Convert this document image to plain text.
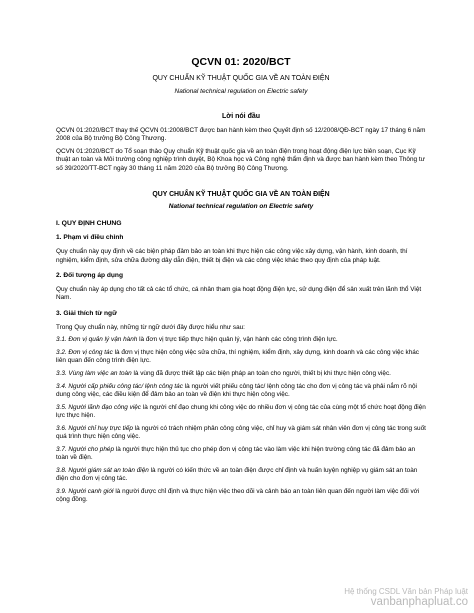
QCVN 01: 2020/BCT
QUY CHUẨN KỸ THUẬT QUỐC GIA VỀ AN TOÀN ĐIỆN
National technical regulation on Electric safety
Lời nói đầu

QCVN 01:2020/BCT thay thế QCVN 01:2008/BCT được ban hành kèm theo Quyết định số 12/2008/QĐ-BCT ngày 17 tháng 6 năm 2008 của Bộ trưởng Bộ Công Thương.

QCVN 01:2020/BCT do Tổ soạn thảo Quy chuẩn Kỹ thuật quốc gia về an toàn điện trong hoạt động điện lực biên soạn, Cục Kỹ thuật an toàn và Môi trường công nghiệp trình duyệt, Bộ Khoa học và Công nghệ thẩm định và được ban hành kèm theo Thông tư số 39/2020/TT-BCT ngày 30 tháng 11 năm 2020 của Bộ trưởng Bộ Công Thương.

QUY CHUẨN KỸ THUẬT QUỐC GIA VỀ AN TOÀN ĐIỆN
National technical regulation on Electric safety
I. QUY ĐỊNH CHUNG
1. Phạm vi điều chỉnh

Quy chuẩn này quy định về các biện pháp đảm bảo an toàn khi thực hiện các công việc xây dựng, vận hành, kinh doanh, thí nghiệm, kiểm định, sửa chữa đường dây dẫn điện, thiết bị điện và các công việc khác theo quy định của pháp luật.

2. Đối tượng áp dụng

Quy chuẩn này áp dụng cho tất cả các tổ chức, cá nhân tham gia hoạt động điện lực, sử dụng điện để sản xuất trên lãnh thổ Việt Nam.

3. Giải thích từ ngữ

Trong Quy chuẩn này, những từ ngữ dưới đây được hiểu như sau:

3.1. Đơn vị quản lý vận hành là đơn vị trực tiếp thực hiện quản lý, vận hành các công trình điện lực.

3.2. Đơn vị công tác là đơn vị thực hiện công việc sửa chữa, thí nghiệm, kiểm định, xây dựng, kinh doanh và các công việc khác liên quan đến công trình điện lực.

3.3. Vùng làm việc an toàn là vùng đã được thiết lập các biện pháp an toàn cho người, thiết bị khi thực hiện công việc.

3.4. Người cấp phiếu công tác/ lệnh công tác là người viết phiếu công tác/ lệnh công tác cho đơn vị công tác và phải nắm rõ nội dung công việc, các điều kiện để đảm bảo an toàn về điện khi thực hiện công việc.

3.5. Người lãnh đạo công việc là người chỉ đạo chung khi công việc do nhiều đơn vị công tác của cùng một tổ chức hoạt động điện lực thực hiện.

3.6. Người chỉ huy trực tiếp là người có trách nhiệm phân công công việc, chỉ huy và giám sát nhân viên đơn vị công tác trong suốt quá trình thực hiện công việc.

3.7. Người cho phép là người thực hiện thủ tục cho phép đơn vị công tác vào làm việc khi hiện trường công tác đã đảm bảo an toàn về điện.

3.8. Người giám sát an toàn điện là người có kiến thức về an toàn điện được chỉ định và huấn luyện nghiệp vụ giám sát an toàn điện cho đơn vị công tác.

3.9. Người canh giới là người được chỉ định và thực hiện việc theo dõi và cảnh báo an toàn liên quan đến người làm việc đối với cộng đồng.

Hệ thống CSDL Văn bản Pháp luật
vanbanphapluat.co
